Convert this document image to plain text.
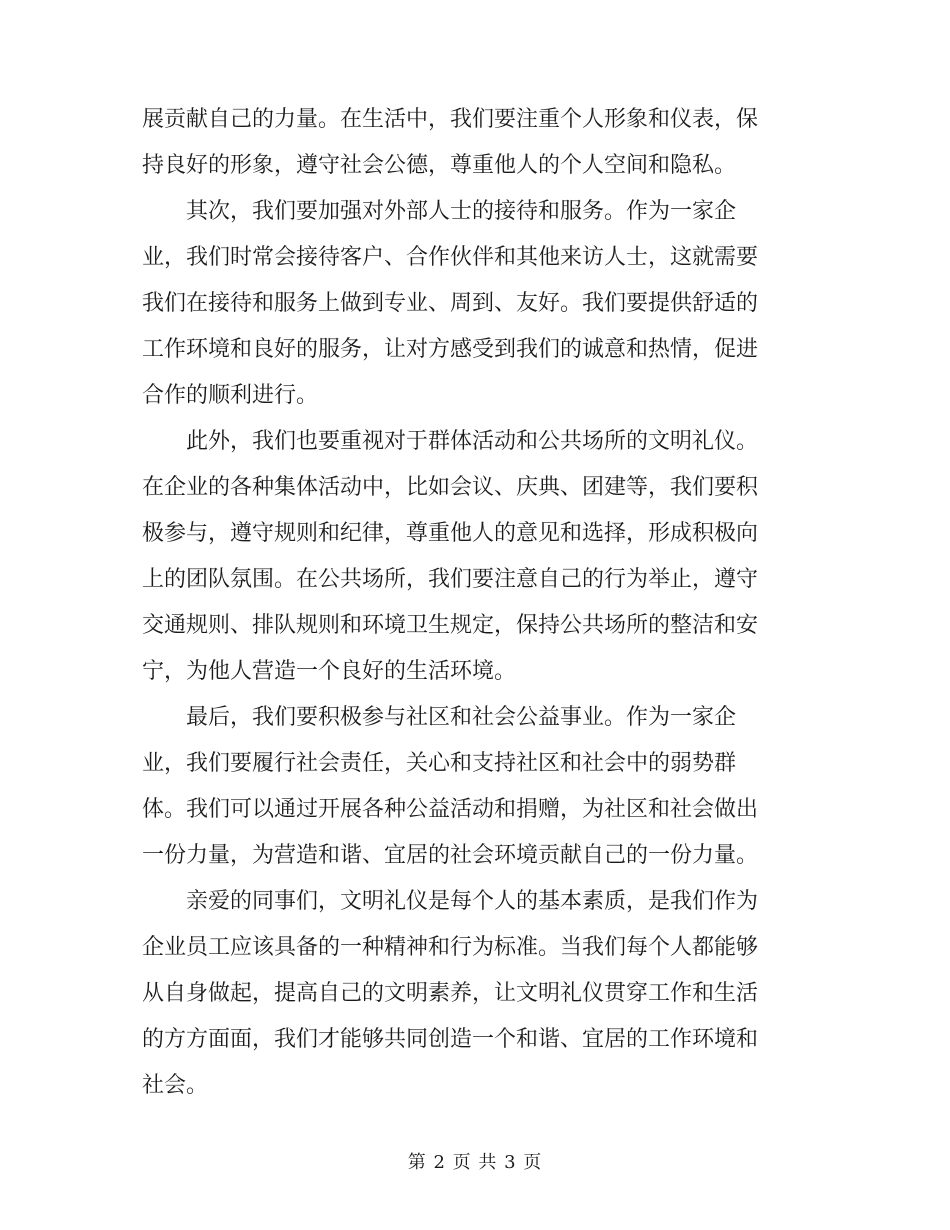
展贡献自己的力量。在生活中，我们要注重个人形象和仪表，保
持良好的形象，遵守社会公德，尊重他人的个人空间和隐私。
　　其次，我们要加强对外部人士的接待和服务。作为一家企
业，我们时常会接待客户、合作伙伴和其他来访人士，这就需要
我们在接待和服务上做到专业、周到、友好。我们要提供舒适的
工作环境和良好的服务，让对方感受到我们的诚意和热情，促进
合作的顺利进行。
　　此外，我们也要重视对于群体活动和公共场所的文明礼仪。
在企业的各种集体活动中，比如会议、庆典、团建等，我们要积
极参与，遵守规则和纪律，尊重他人的意见和选择，形成积极向
上的团队氛围。在公共场所，我们要注意自己的行为举止，遵守
交通规则、排队规则和环境卫生规定，保持公共场所的整洁和安
宁，为他人营造一个良好的生活环境。
　　最后，我们要积极参与社区和社会公益事业。作为一家企
业，我们要履行社会责任，关心和支持社区和社会中的弱势群
体。我们可以通过开展各种公益活动和捐赠，为社区和社会做出
一份力量，为营造和谐、宜居的社会环境贡献自己的一份力量。
　　亲爱的同事们，文明礼仪是每个人的基本素质，是我们作为
企业员工应该具备的一种精神和行为标准。当我们每个人都能够
从自身做起，提高自己的文明素养，让文明礼仪贯穿工作和生活
的方方面面，我们才能够共同创造一个和谐、宜居的工作环境和
社会。
第 2 页 共 3 页
